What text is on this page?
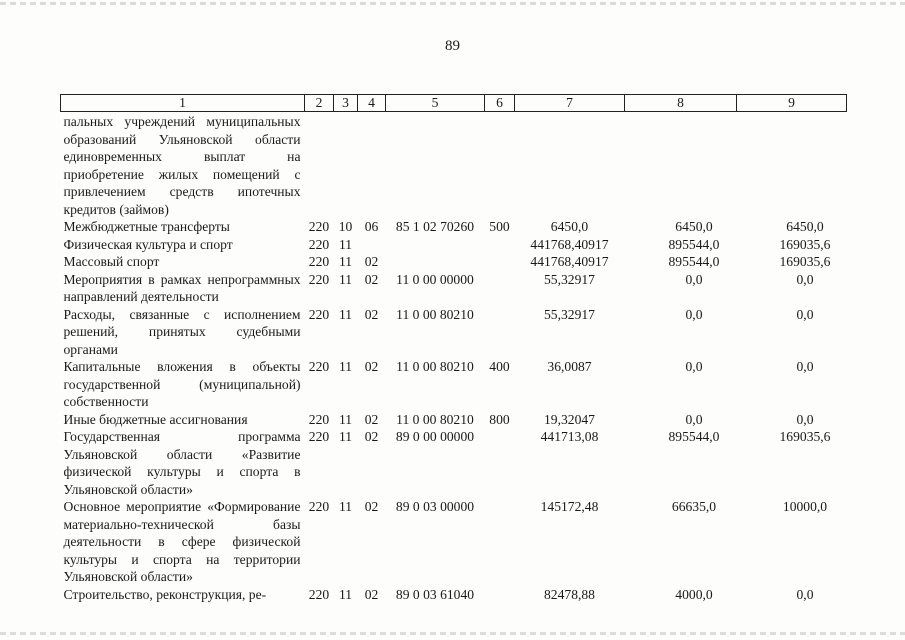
89
1	2	3	4	5	6	7	8	9
пальных учреждений муниципальных образований Ульяновской области единовременных выплат на приобретение жилых помещений с привлечением средств ипотечных кредитов (займов)								
Межбюджетные трансферты	220	10	06	85 1 02 70260	500	6450,0	6450,0	6450,0
Физическая культура и спорт	220	11				441768,40917	895544,0	169035,6
Массовый спорт	220	11	02			441768,40917	895544,0	169035,6
Мероприятия в рамках непрограммных направлений деятельности	220	11	02	11 0 00 00000		55,32917	0,0	0,0
Расходы, связанные с исполнением решений, принятых судебными органами	220	11	02	11 0 00 80210		55,32917	0,0	0,0
Капитальные вложения в объекты государственной (муниципальной) собственности	220	11	02	11 0 00 80210	400	36,0087	0,0	0,0
Иные бюджетные ассигнования	220	11	02	11 0 00 80210	800	19,32047	0,0	0,0
Государственная программа Ульяновской области «Развитие физической культуры и спорта в Ульяновской области»	220	11	02	89 0 00 00000		441713,08	895544,0	169035,6
Основное мероприятие «Формирование материально-технической базы деятельности в сфере физической культуры и спорта на территории Ульяновской области»	220	11	02	89 0 03 00000		145172,48	66635,0	10000,0
Строительство, реконструкция, ре-	220	11	02	89 0 03 61040		82478,88	4000,0	0,0
